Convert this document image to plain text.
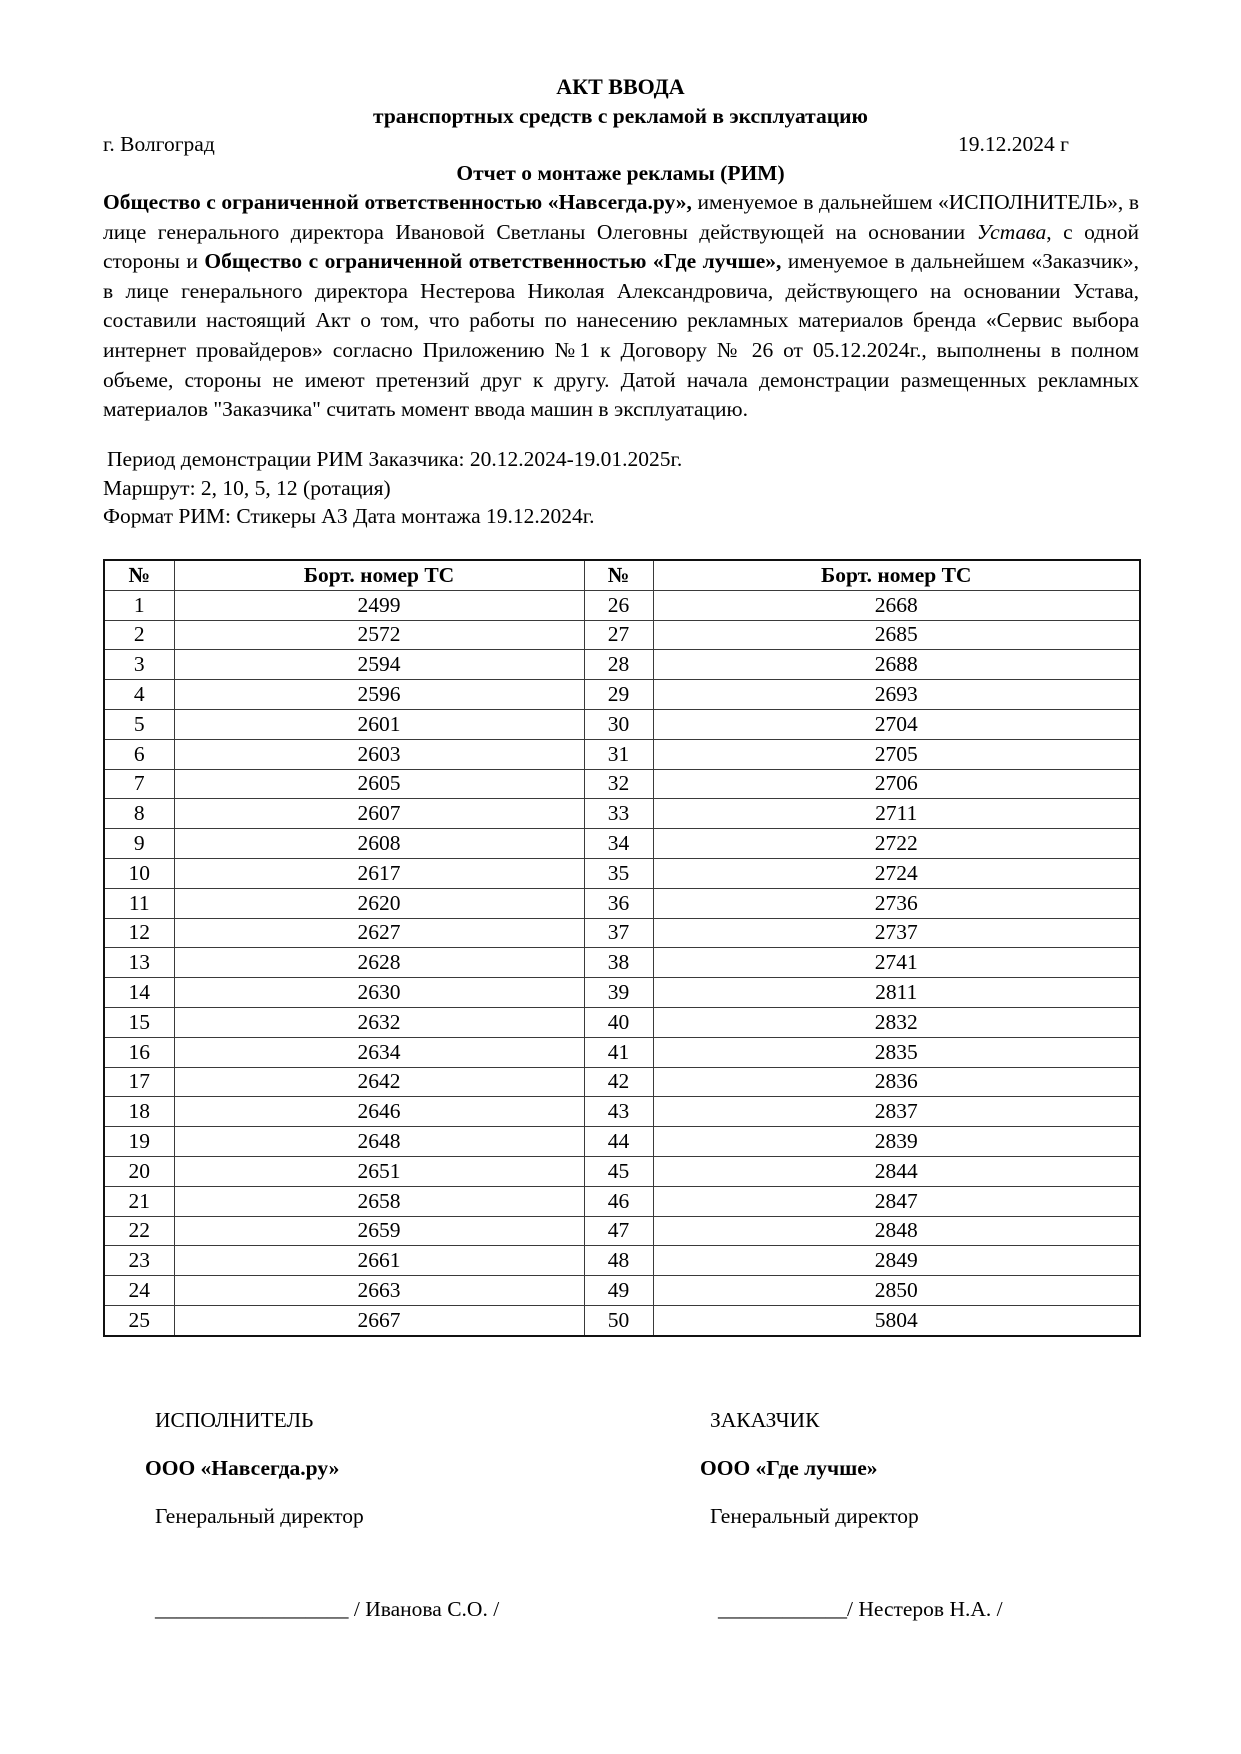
АКТ ВВОДА
транспортных средств с рекламой в эксплуатацию
г. Волгоград	19.12.2024 г
Отчет о монтаже рекламы (РИМ)
Общество с ограниченной ответственностью «Навсегда.ру», именуемое в дальнейшем «ИСПОЛНИТЕЛЬ», в лице генерального директора Ивановой Светланы Олеговны действующей на основании Устава, с одной стороны и Общество с ограниченной ответственностью «Где лучше», именуемое в дальнейшем «Заказчик», в лице генерального директора Нестерова Николая Александровича, действующего на основании Устава, составили настоящий Акт о том, что работы по нанесению рекламных материалов бренда «Сервис выбора интернет провайдеров» согласно Приложению №1 к Договору № 26 от 05.12.2024г., выполнены в полном объеме, стороны не имеют претензий друг к другу. Датой начала демонстрации размещенных рекламных материалов "Заказчика" считать момент ввода машин в эксплуатацию.
Период демонстрации РИМ Заказчика: 20.12.2024-19.01.2025г.
Маршрут: 2, 10, 5, 12 (ротация)
Формат РИМ: Стикеры А3 Дата монтажа 19.12.2024г.
№	Борт. номер ТС	№	Борт. номер ТС
1	2499	26	2668
2	2572	27	2685
3	2594	28	2688
4	2596	29	2693
5	2601	30	2704
6	2603	31	2705
7	2605	32	2706
8	2607	33	2711
9	2608	34	2722
10	2617	35	2724
11	2620	36	2736
12	2627	37	2737
13	2628	38	2741
14	2630	39	2811
15	2632	40	2832
16	2634	41	2835
17	2642	42	2836
18	2646	43	2837
19	2648	44	2839
20	2651	45	2844
21	2658	46	2847
22	2659	47	2848
23	2661	48	2849
24	2663	49	2850
25	2667	50	5804
ИСПОЛНИТЕЛЬ	ЗАКАЗЧИК
ООО «Навсегда.ру»	ООО «Где лучше»
Генеральный директор	Генеральный директор
__________________ / Иванова С.О. /	____________/ Нестеров Н.А. /
